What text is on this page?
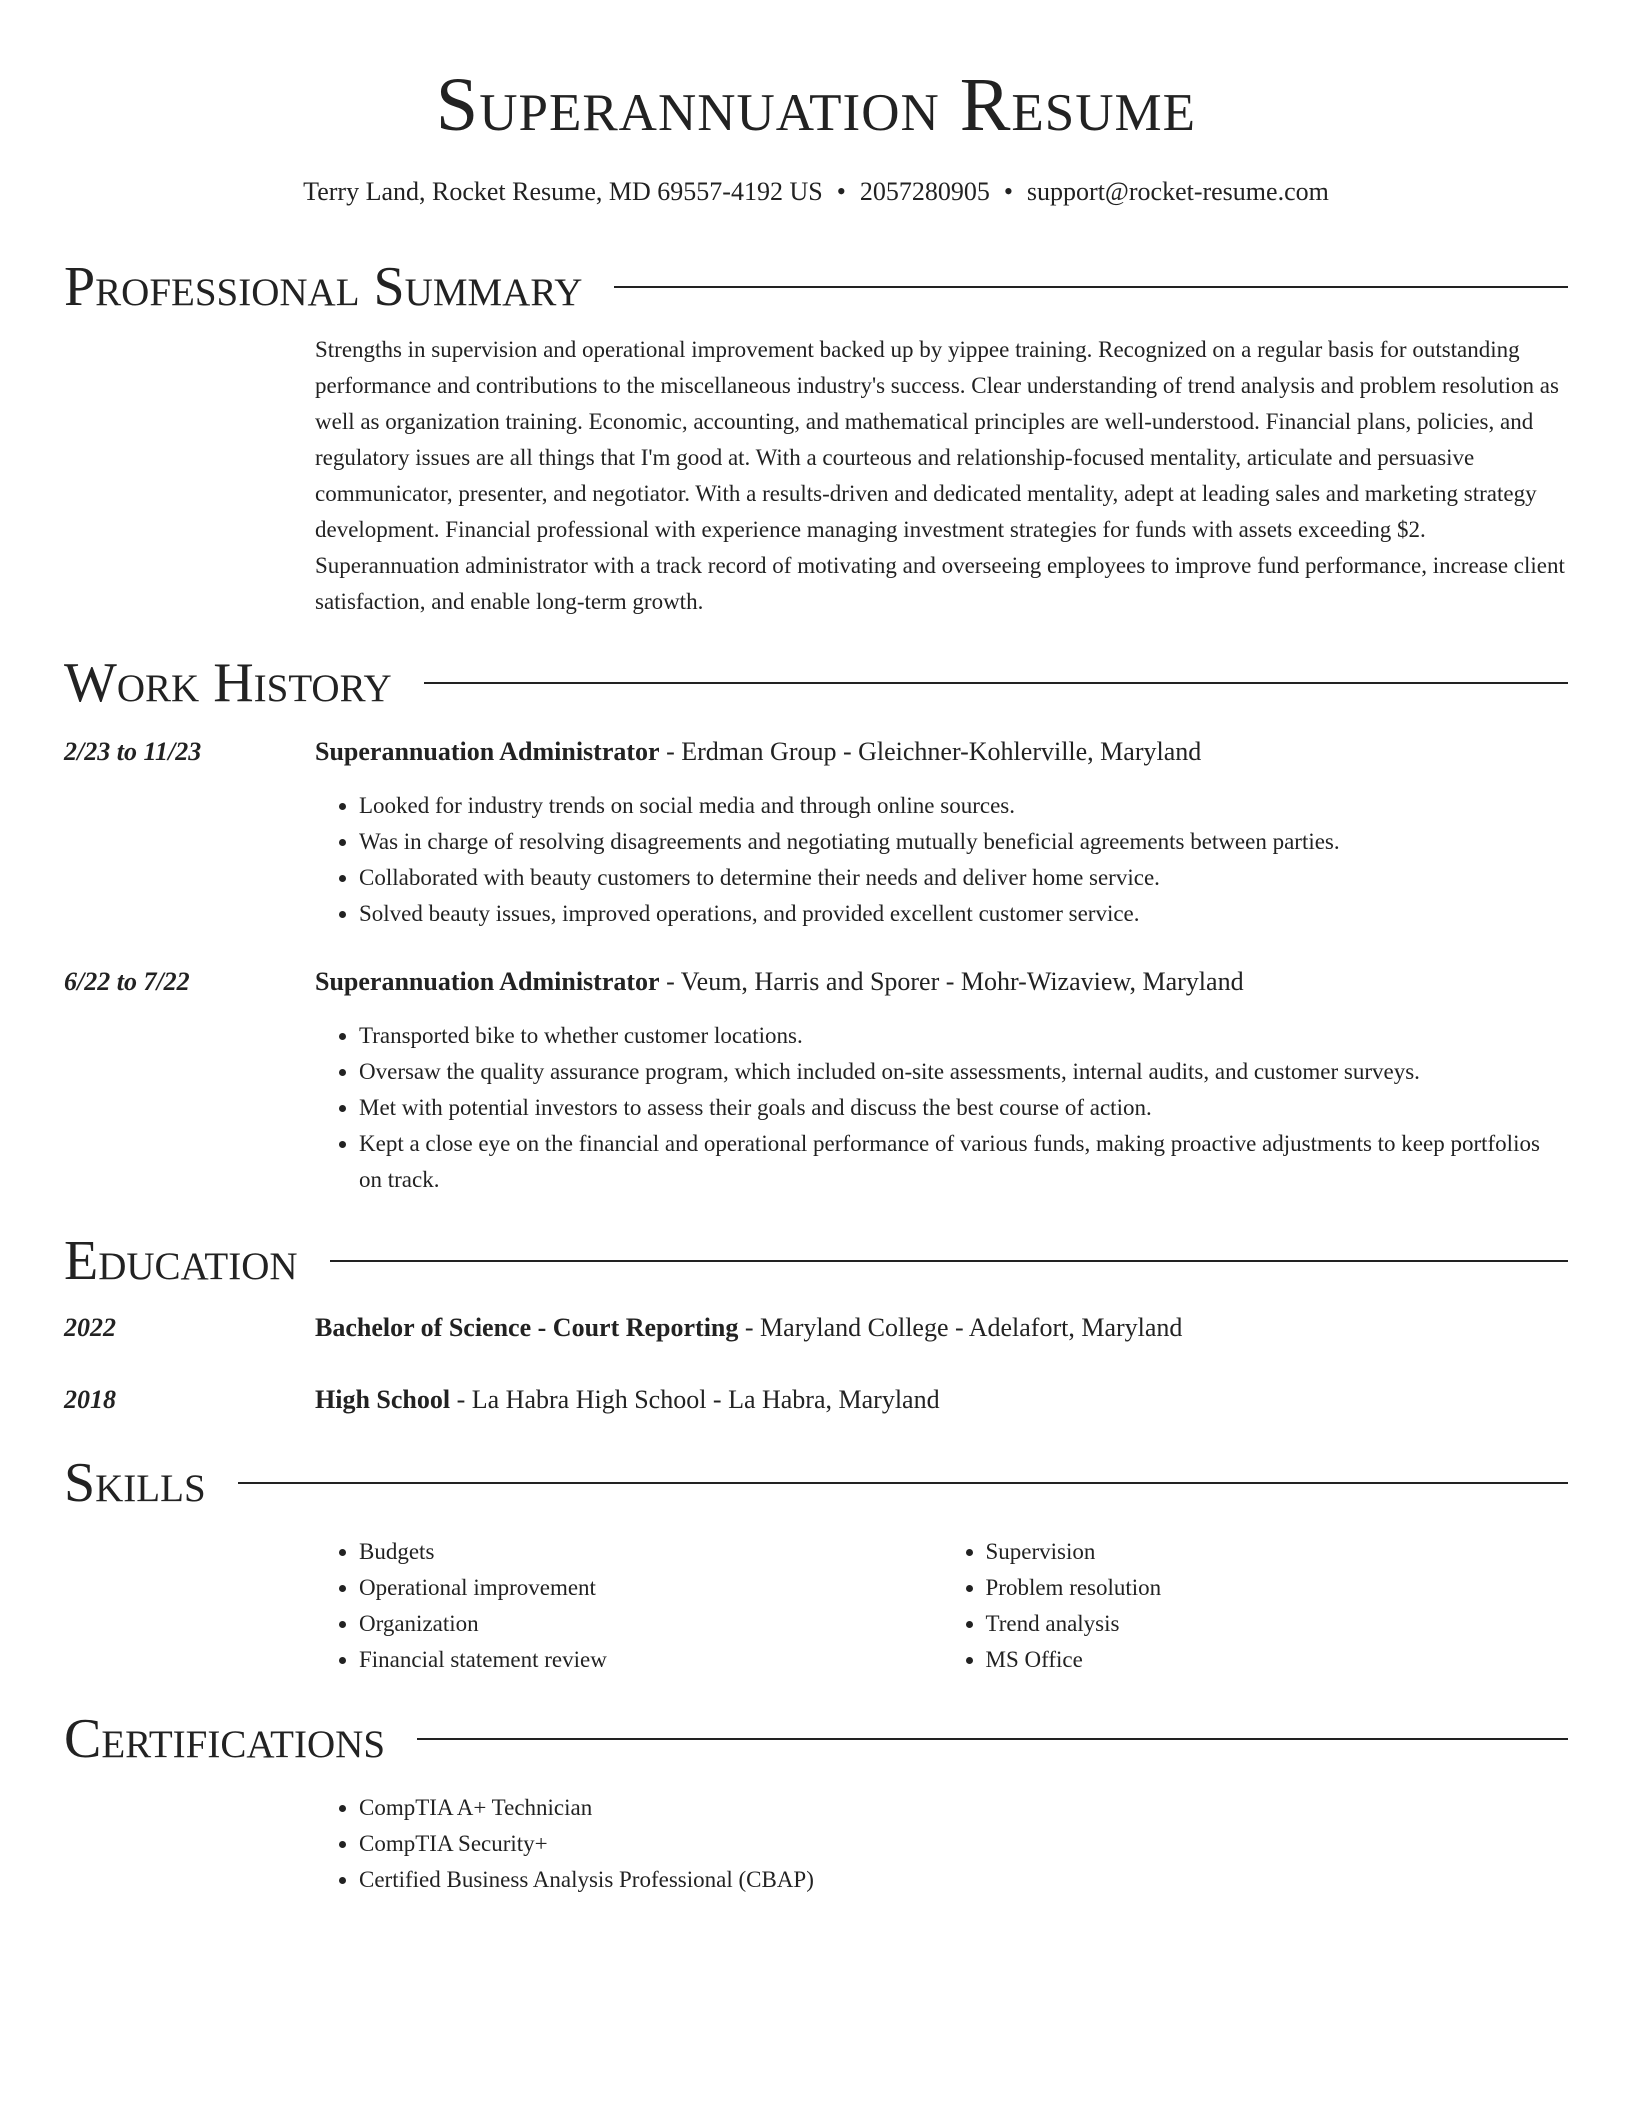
Superannuation Resume
Terry Land, Rocket Resume, MD 69557-4192 US • 2057280905 • support@rocket-resume.com
Professional Summary
Strengths in supervision and operational improvement backed up by yippee training. Recognized on a regular basis for outstanding performance and contributions to the miscellaneous industry's success. Clear understanding of trend analysis and problem resolution as well as organization training. Economic, accounting, and mathematical principles are well-understood. Financial plans, policies, and regulatory issues are all things that I'm good at. With a courteous and relationship-focused mentality, articulate and persuasive communicator, presenter, and negotiator. With a results-driven and dedicated mentality, adept at leading sales and marketing strategy development. Financial professional with experience managing investment strategies for funds with assets exceeding $2. Superannuation administrator with a track record of motivating and overseeing employees to improve fund performance, increase client satisfaction, and enable long-term growth.
Work History
2/23 to 11/23	Superannuation Administrator - Erdman Group - Gleichner-Kohlerville, Maryland
• Looked for industry trends on social media and through online sources.
• Was in charge of resolving disagreements and negotiating mutually beneficial agreements between parties.
• Collaborated with beauty customers to determine their needs and deliver home service.
• Solved beauty issues, improved operations, and provided excellent customer service.
6/22 to 7/22	Superannuation Administrator - Veum, Harris and Sporer - Mohr-Wizaview, Maryland
• Transported bike to whether customer locations.
• Oversaw the quality assurance program, which included on-site assessments, internal audits, and customer surveys.
• Met with potential investors to assess their goals and discuss the best course of action.
• Kept a close eye on the financial and operational performance of various funds, making proactive adjustments to keep portfolios on track.
Education
2022	Bachelor of Science - Court Reporting - Maryland College - Adelafort, Maryland
2018	High School - La Habra High School - La Habra, Maryland
Skills
• Budgets
• Operational improvement
• Organization
• Financial statement review
• Supervision
• Problem resolution
• Trend analysis
• MS Office
Certifications
• CompTIA A+ Technician
• CompTIA Security+
• Certified Business Analysis Professional (CBAP)
